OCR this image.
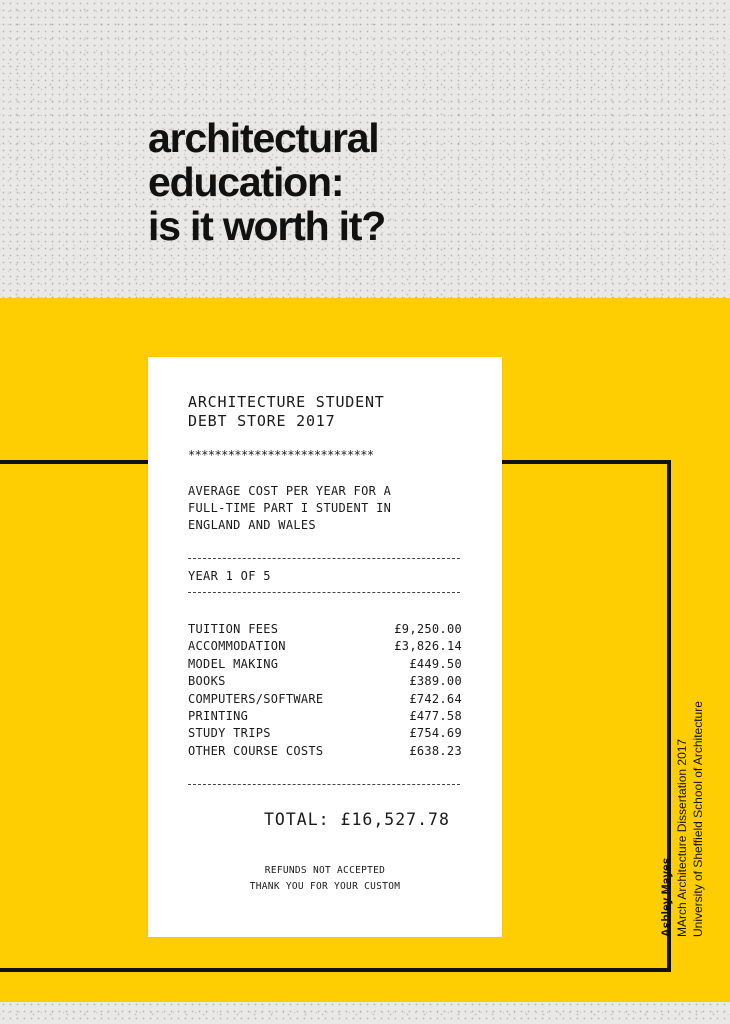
architectural
education:
is it worth it?
ARCHITECTURE STUDENT
DEBT STORE 2017
****************************
AVERAGE COST PER YEAR FOR A
FULL-TIME PART I STUDENT IN
ENGLAND AND WALES
YEAR 1 OF 5
TUITION FEES	£9,250.00
ACCOMMODATION	£3,826.14
MODEL MAKING	£449.50
BOOKS	£389.00
COMPUTERS/SOFTWARE	£742.64
PRINTING	£477.58
STUDY TRIPS	£754.69
OTHER COURSE COSTS	£638.23
TOTAL: £16,527.78
REFUNDS NOT ACCEPTED
THANK YOU FOR YOUR CUSTOM	Ashley Mayes MArch Architecture Dissertation 2017 University of Sheffield School of Architecture
